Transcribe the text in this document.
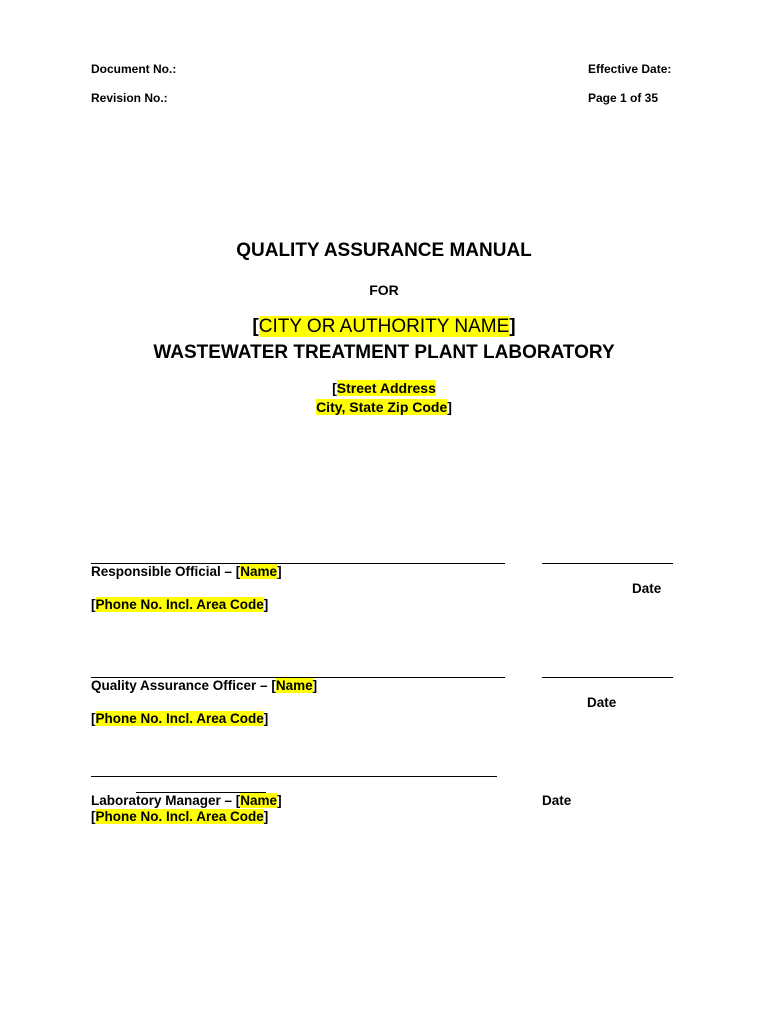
Document No.:
Revision No.:
Effective Date:
Page 1 of 35
QUALITY ASSURANCE MANUAL
FOR
[CITY OR AUTHORITY NAME]
WASTEWATER TREATMENT PLANT LABORATORY
[Street Address
City, State Zip Code]
Responsible Official – [Name]
Date
[Phone No. Incl. Area Code]
Quality Assurance Officer – [Name]
Date
[Phone No. Incl. Area Code]
Laboratory Manager – [Name]	Date
[Phone No. Incl. Area Code]
